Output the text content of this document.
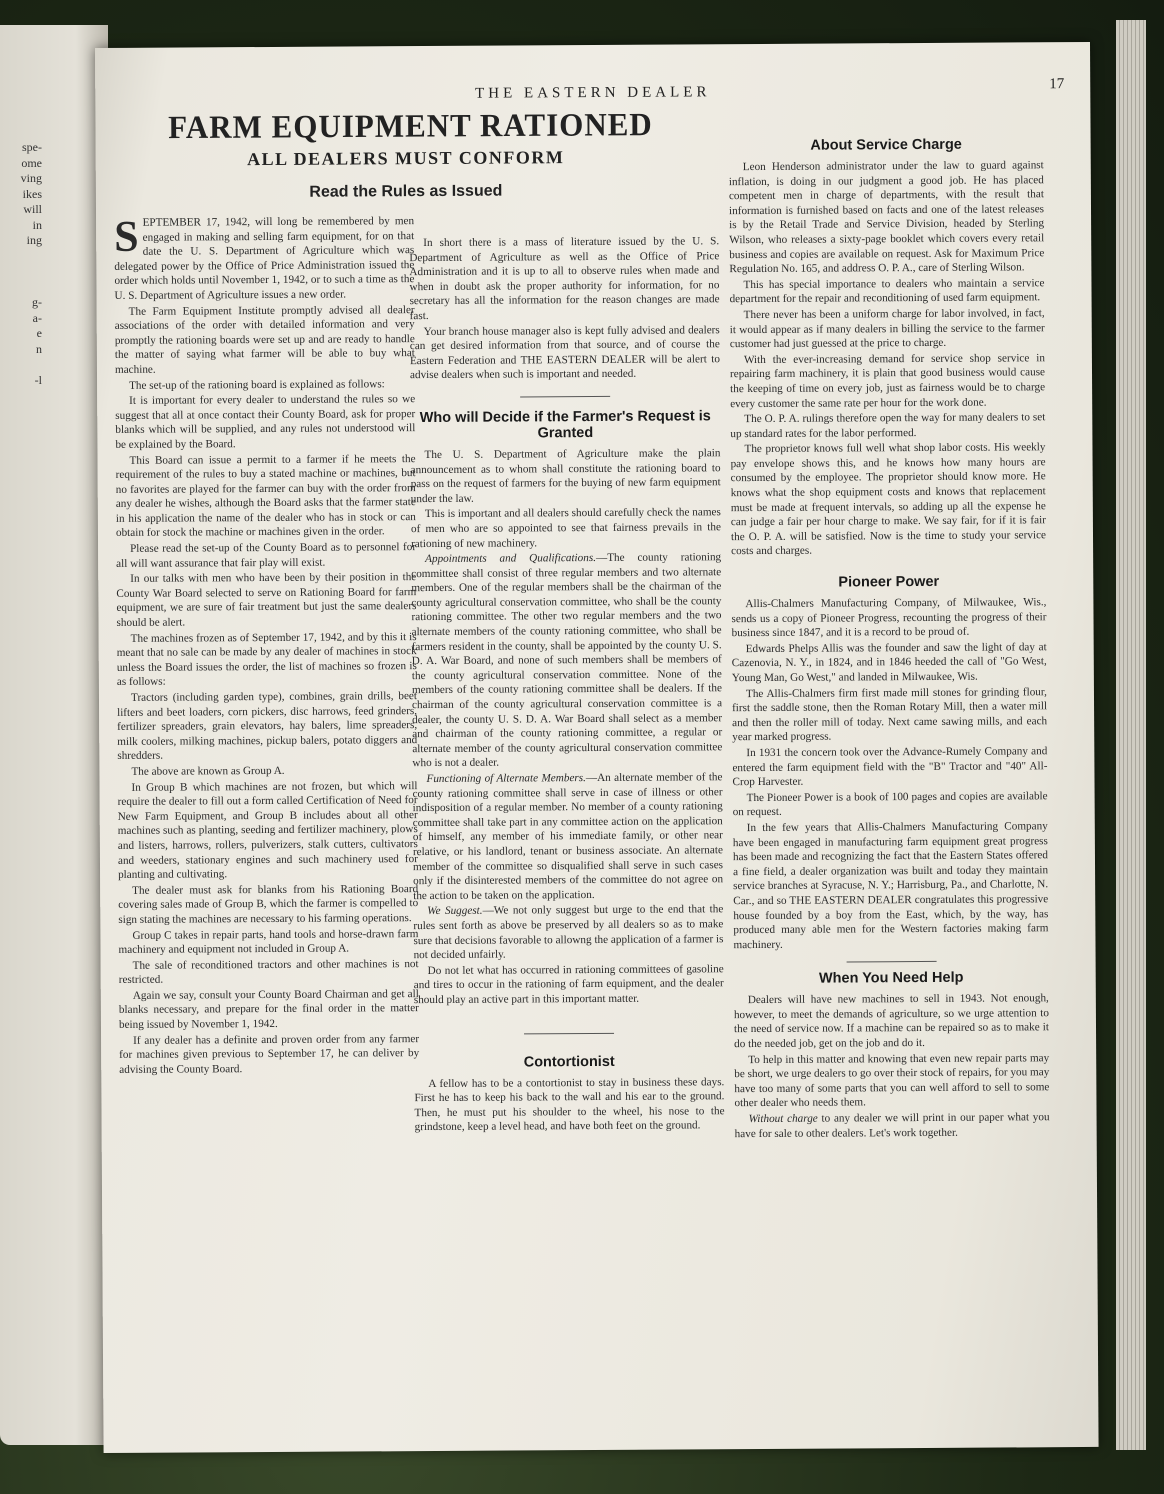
spe-
ome
ving
ikes
will
in
ing
g-
a-
e
n
-l
THE EASTERN DEALER
17
FARM EQUIPMENT RATIONED
ALL DEALERS MUST CONFORM
Read the Rules as Issued

SEPTEMBER 17, 1942, will long be remembered by men engaged in making and selling farm equipment, for on that date the U. S. Department of Agriculture which was delegated power by the Office of Price Administration issued the order which holds until November 1, 1942, or to such a time as the U. S. Department of Agriculture issues a new order.

The Farm Equipment Institute promptly advised all dealer associations of the order with detailed information and very promptly the rationing boards were set up and are ready to handle the matter of saying what farmer will be able to buy what machine.

The set-up of the rationing board is explained as follows:

It is important for every dealer to understand the rules so we suggest that all at once contact their County Board, ask for proper blanks which will be supplied, and any rules not understood will be explained by the Board.

This Board can issue a permit to a farmer if he meets the requirement of the rules to buy a stated machine or machines, but no favorites are played for the farmer can buy with the order from any dealer he wishes, although the Board asks that the farmer state in his application the name of the dealer who has in stock or can obtain for stock the machine or machines given in the order.

Please read the set-up of the County Board as to personnel for all will want assurance that fair play will exist.

In our talks with men who have been by their position in the County War Board selected to serve on Rationing Board for farm equipment, we are sure of fair treatment but just the same dealers should be alert.

The machines frozen as of September 17, 1942, and by this it is meant that no sale can be made by any dealer of machines in stock unless the Board issues the order, the list of machines so frozen is as follows:

Tractors (including garden type), combines, grain drills, beet lifters and beet loaders, corn pickers, disc harrows, feed grinders, fertilizer spreaders, grain elevators, hay balers, lime spreaders, milk coolers, milking machines, pickup balers, potato diggers and shredders.

The above are known as Group A.

In Group B which machines are not frozen, but which will require the dealer to fill out a form called Certification of Need for New Farm Equipment, and Group B includes about all other machines such as planting, seeding and fertilizer machinery, plows and listers, harrows, rollers, pulverizers, stalk cutters, cultivators and weeders, stationary engines and such machinery used for planting and cultivating.

The dealer must ask for blanks from his Rationing Board covering sales made of Group B, which the farmer is compelled to sign stating the machines are necessary to his farming operations.

Group C takes in repair parts, hand tools and horse-drawn farm machinery and equipment not included in Group A.

The sale of reconditioned tractors and other machines is not restricted.

Again we say, consult your County Board Chairman and get all blanks necessary, and prepare for the final order in the matter being issued by November 1, 1942.

If any dealer has a definite and proven order from any farmer for machines given previous to September 17, he can deliver by advising the County Board.

In short there is a mass of literature issued by the U. S. Department of Agriculture as well as the Office of Price Administration and it is up to all to observe rules when made and when in doubt ask the proper authority for information, for no secretary has all the information for the reason changes are made fast.

Your branch house manager also is kept fully advised and dealers can get desired information from that source, and of course the Eastern Federation and THE EASTERN DEALER will be alert to advise dealers when such is important and needed.

Who will Decide if the Farmer's Request is Granted

The U. S. Department of Agriculture make the plain announcement as to whom shall constitute the rationing board to pass on the request of farmers for the buying of new farm equipment under the law.

This is important and all dealers should carefully check the names of men who are so appointed to see that fairness prevails in the rationing of new machinery.

Appointments and Qualifications.—The county rationing committee shall consist of three regular members and two alternate members. One of the regular members shall be the chairman of the county agricultural conservation committee, who shall be the county rationing committee. The other two regular members and the two alternate members of the county rationing committee, who shall be farmers resident in the county, shall be appointed by the county U. S. D. A. War Board, and none of such members shall be members of the county agricultural conservation committee. None of the members of the county rationing committee shall be dealers. If the chairman of the county agricultural conservation committee is a dealer, the county U. S. D. A. War Board shall select as a member and chairman of the county rationing committee, a regular or alternate member of the county agricultural conservation committee who is not a dealer.

Functioning of Alternate Members.—An alternate member of the county rationing committee shall serve in case of illness or other indisposition of a regular member. No member of a county rationing committee shall take part in any committee action on the application of himself, any member of his immediate family, or other near relative, or his landlord, tenant or business associate. An alternate member of the committee so disqualified shall serve in such cases only if the disinterested members of the committee do not agree on the action to be taken on the application.

We Suggest.—We not only suggest but urge to the end that the rules sent forth as above be preserved by all dealers so as to make sure that decisions favorable to allowng the application of a farmer is not decided unfairly.

Do not let what has occurred in rationing committees of gasoline and tires to occur in the rationing of farm equipment, and the dealer should play an active part in this important matter.

Contortionist

A fellow has to be a contortionist to stay in business these days. First he has to keep his back to the wall and his ear to the ground. Then, he must put his shoulder to the wheel, his nose to the grindstone, keep a level head, and have both feet on the ground.

About Service Charge

Leon Henderson administrator under the law to guard against inflation, is doing in our judgment a good job. He has placed competent men in charge of departments, with the result that information is furnished based on facts and one of the latest releases is by the Retail Trade and Service Division, headed by Sterling Wilson, who releases a sixty-page booklet which covers every retail business and copies are available on request. Ask for Maximum Price Regulation No. 165, and address O. P. A., care of Sterling Wilson.

This has special importance to dealers who maintain a service department for the repair and reconditioning of used farm equipment.

There never has been a uniform charge for labor involved, in fact, it would appear as if many dealers in billing the service to the farmer customer had just guessed at the price to charge.

With the ever-increasing demand for service shop service in repairing farm machinery, it is plain that good business would cause the keeping of time on every job, just as fairness would be to charge every customer the same rate per hour for the work done.

The O. P. A. rulings therefore open the way for many dealers to set up standard rates for the labor performed.

The proprietor knows full well what shop labor costs. His weekly pay envelope shows this, and he knows how many hours are consumed by the employee. The proprietor should know more. He knows what the shop equipment costs and knows that replacement must be made at frequent intervals, so adding up all the expense he can judge a fair per hour charge to make. We say fair, for if it is fair the O. P. A. will be satisfied. Now is the time to study your service costs and charges.

Pioneer Power

Allis-Chalmers Manufacturing Company, of Milwaukee, Wis., sends us a copy of Pioneer Progress, recounting the progress of their business since 1847, and it is a record to be proud of.

Edwards Phelps Allis was the founder and saw the light of day at Cazenovia, N. Y., in 1824, and in 1846 heeded the call of "Go West, Young Man, Go West," and landed in Milwaukee, Wis.

The Allis-Chalmers firm first made mill stones for grinding flour, first the saddle stone, then the Roman Rotary Mill, then a water mill and then the roller mill of today. Next came sawing mills, and each year marked progress.

In 1931 the concern took over the Advance-Rumely Company and entered the farm equipment field with the "B" Tractor and "40" All-Crop Harvester.

The Pioneer Power is a book of 100 pages and copies are available on request.

In the few years that Allis-Chalmers Manufacturing Company have been engaged in manufacturing farm equipment great progress has been made and recognizing the fact that the Eastern States offered a fine field, a dealer organization was built and today they maintain service branches at Syracuse, N. Y.; Harrisburg, Pa., and Charlotte, N. Car., and so THE EASTERN DEALER congratulates this progressive house founded by a boy from the East, which, by the way, has produced many able men for the Western factories making farm machinery.

When You Need Help

Dealers will have new machines to sell in 1943. Not enough, however, to meet the demands of agriculture, so we urge attention to the need of service now. If a machine can be repaired so as to make it do the needed job, get on the job and do it.

To help in this matter and knowing that even new repair parts may be short, we urge dealers to go over their stock of repairs, for you may have too many of some parts that you can well afford to sell to some other dealer who needs them.

Without charge to any dealer we will print in our paper what you have for sale to other dealers. Let's work together.
